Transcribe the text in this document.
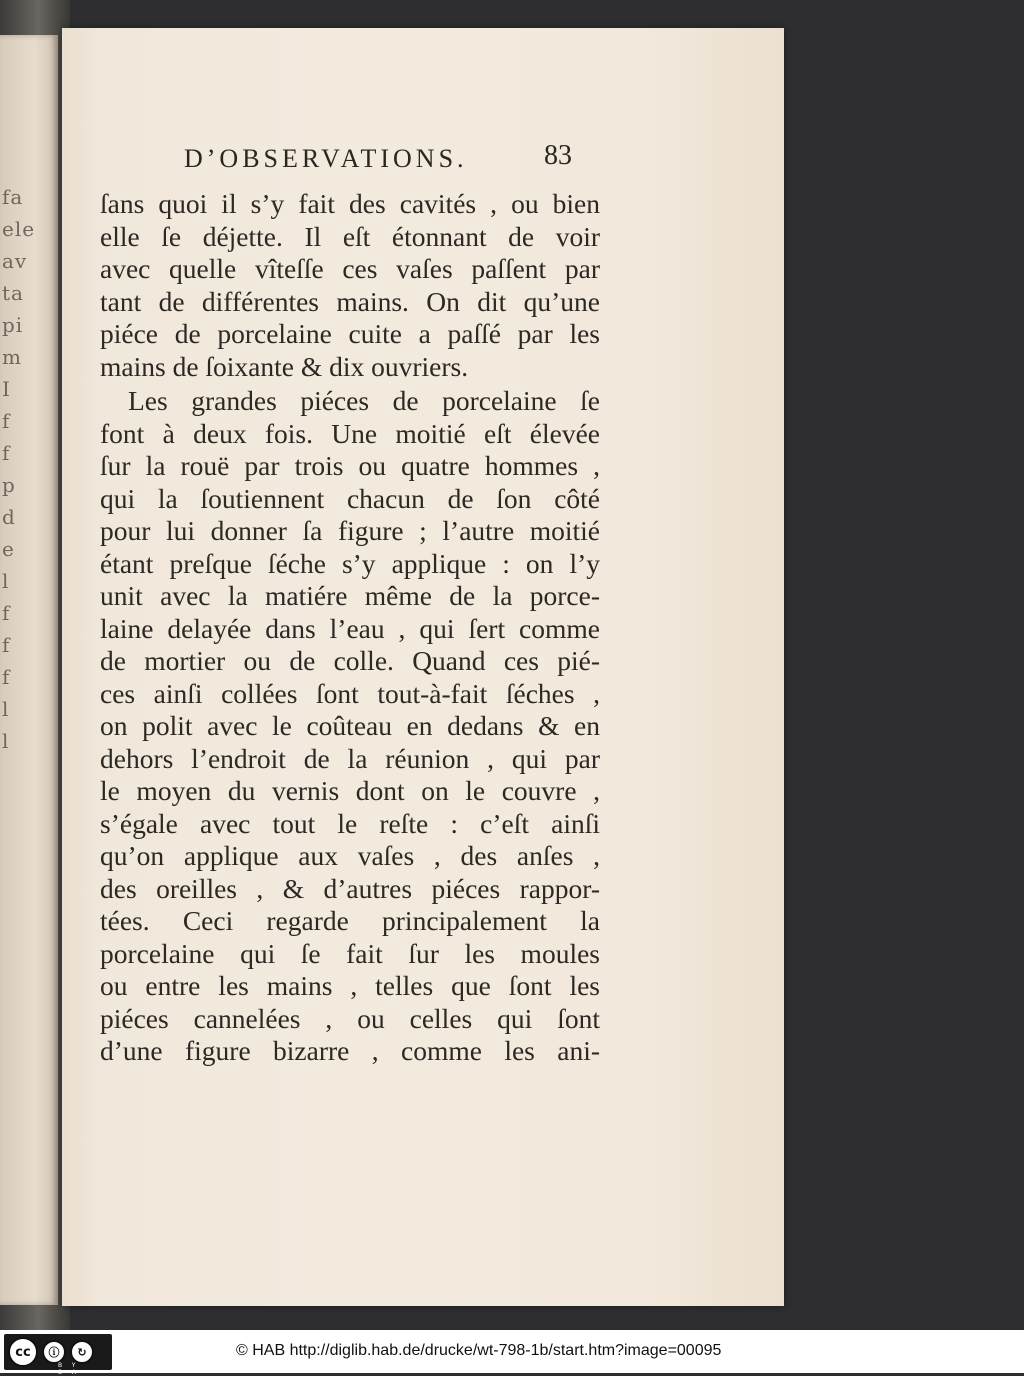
fa
ele
av
ta
pi
m
I
f
f
p
d
e
l
f
f
f
l
l
D’OBSERVATIONS.	83
ſans quoi il s’y fait des cavités , ou bien
elle ſe déjette. Il eſt étonnant de voir
avec quelle vîteſſe ces vaſes paſſent par
tant de différentes mains. On dit qu’une
piéce de porcelaine cuite a paſſé par les
mains de ſoixante & dix ouvriers.
Les grandes piéces de porcelaine ſe
font à deux fois. Une moitié eſt élevée
ſur la rouë par trois ou quatre hommes ,
qui la ſoutiennent chacun de ſon côté
pour lui donner ſa figure ; l’autre moitié
étant preſque ſéche s’y applique : on l’y
unit avec la matiére même de la porce-
laine delayée dans l’eau , qui ſert comme
de mortier ou de colle. Quand ces pié-
ces ainſi collées ſont tout-à-fait ſéches ,
on polit avec le coûteau en dedans & en
dehors l’endroit de la réunion , qui par
le moyen du vernis dont on le couvre ,
s’égale avec tout le reſte : c’eſt ainſi
qu’on applique aux vaſes , des anſes ,
des oreilles , & d’autres piéces rappor-
tées. Ceci regarde principalement la
porcelaine qui ſe fait ſur les moules
ou entre les mains , telles que ſont les
piéces cannelées , ou celles qui ſont
d’une figure bizarre , comme les ani-
cc	ⓘ	↻
BY SA
© HAB http://diglib.hab.de/drucke/wt-798-1b/start.htm?image=00095
